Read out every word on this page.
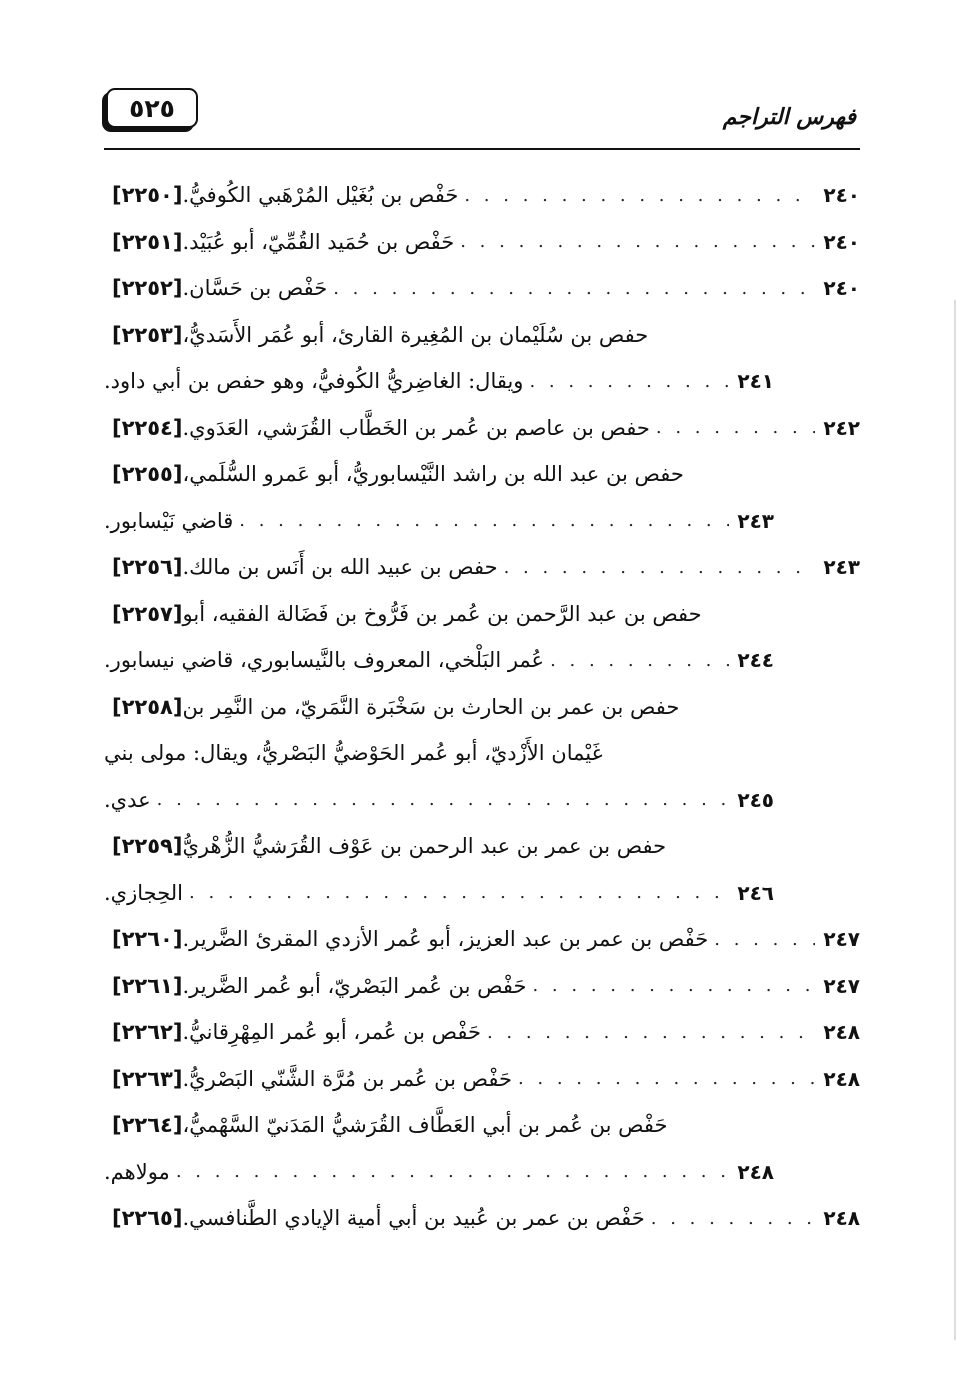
٥٢٥	فهرس التراجم
[٢٢٥٠] حَفْص بن بُغَيْل المُرْهَبي الكُوفيُّ. . . .	٢٤٠
[٢٢٥١] حَفْص بن حُمَيد القُمِّيّ، أبو عُبَيْد. . . .	٢٤٠
[٢٢٥٢] حَفْص بن حَسَّان. . . .	٢٤٠
[٢٢٥٣] حفص بن سُلَيْمان بن المُغِيرة القارئ، أبو عُمَر الأَسَديُّ،
ويقال: الغاضِريُّ الكُوفيُّ، وهو حفص بن أبي داود. . . .	٢٤١
[٢٢٥٤] حفص بن عاصم بن عُمر بن الخَطَّاب القُرَشي، العَدَوي. . . .	٢٤٢
[٢٢٥٥] حفص بن عبد الله بن راشد النَّيْسابوريُّ، أبو عَمرو السُّلَمي،
قاضي نَيْسابور. . . .	٢٤٣
[٢٢٥٦] حفص بن عبيد الله بن أَنَس بن مالك. . . .	٢٤٣
[٢٢٥٧] حفص بن عبد الرَّحمن بن عُمر بن فَرُّوخ بن فَضَالة الفقيه، أبو
عُمر البَلْخي، المعروف بالنَّيسابوري، قاضي نيسابور. . . .	٢٤٤
[٢٢٥٨] حفص بن عمر بن الحارث بن سَخْبَرة النَّمَريّ، من النَّمِر بن
غَيْمان الأَزْديّ، أبو عُمر الحَوْضيُّ البَصْريُّ، ويقال: مولى بني
عدي. . . .	٢٤٥
[٢٢٥٩] حفص بن عمر بن عبد الرحمن بن عَوْف القُرَشيُّ الزُّهْريُّ
الحِجازي. . . .	٢٤٦
[٢٢٦٠] حَفْص بن عمر بن عبد العزيز، أبو عُمر الأزدي المقرئ الضَّرير. . . .	٢٤٧
[٢٢٦١] حَفْص بن عُمر البَصْريّ، أبو عُمر الضَّرير. . . .	٢٤٧
[٢٢٦٢] حَفْص بن عُمر، أبو عُمر المِهْرِقانيُّ. . . .	٢٤٨
[٢٢٦٣] حَفْص بن عُمر بن مُرَّة الشَّنّي البَصْريُّ. . . .	٢٤٨
[٢٢٦٤] حَفْص بن عُمر بن أبي العَطَّاف القُرَشيُّ المَدَنيّ السَّهْميُّ،
مولاهم. . . .	٢٤٨
[٢٢٦٥] حَفْص بن عمر بن عُبيد بن أبي أمية الإيادي الطَّنافسي. . . .	٢٤٨
